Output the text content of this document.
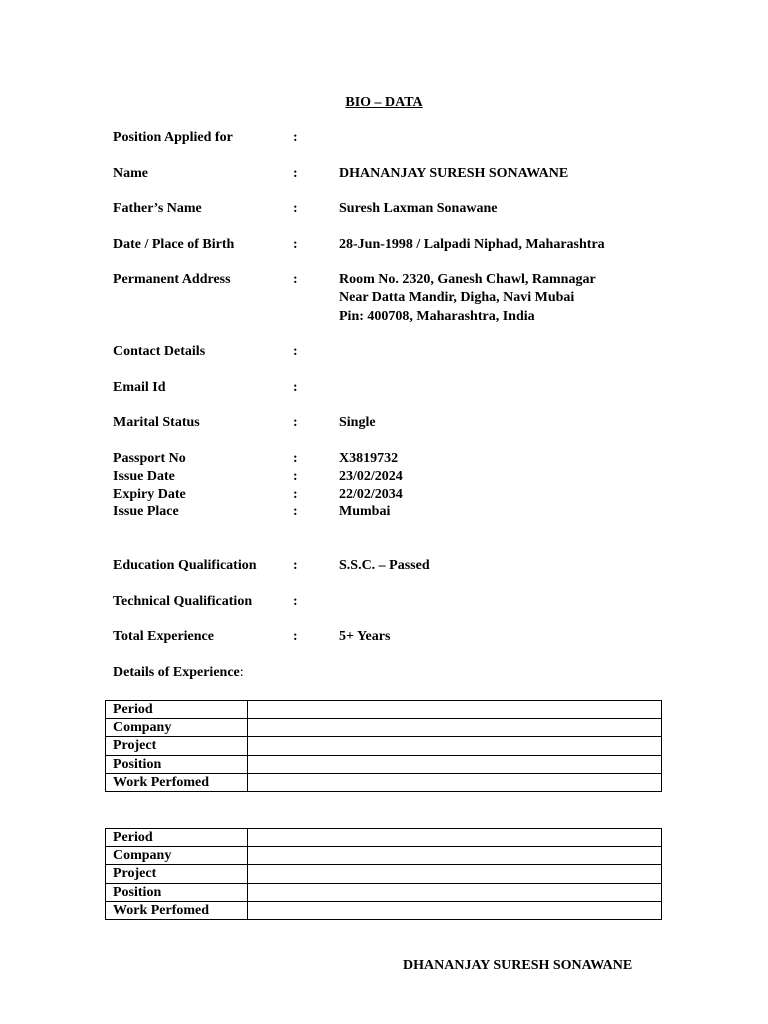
BIO – DATA
Position Applied for	:
Name	:	DHANANJAY SURESH SONAWANE
Father’s Name	:	Suresh Laxman Sonawane
Date / Place of Birth	:	28-Jun-1998 / Lalpadi Niphad, Maharashtra
Permanent Address	:	Room No. 2320, Ganesh Chawl, Ramnagar
Near Datta Mandir, Digha, Navi Mubai
Pin: 400708, Maharashtra, India
Contact Details	:
Email Id	:
Marital Status	:	Single
Passport No	:	X3819732
Issue Date	:	23/02/2024
Expiry Date	:	22/02/2034
Issue Place	:	Mumbai
Education Qualification	:	S.S.C. – Passed
Technical Qualification	:
Total Experience	:	5+ Years
Details of Experience:
Period	
Company	
Project	
Position	
Work Perfomed	
Period	
Company	
Project	
Position	
Work Perfomed	
DHANANJAY SURESH SONAWANE
